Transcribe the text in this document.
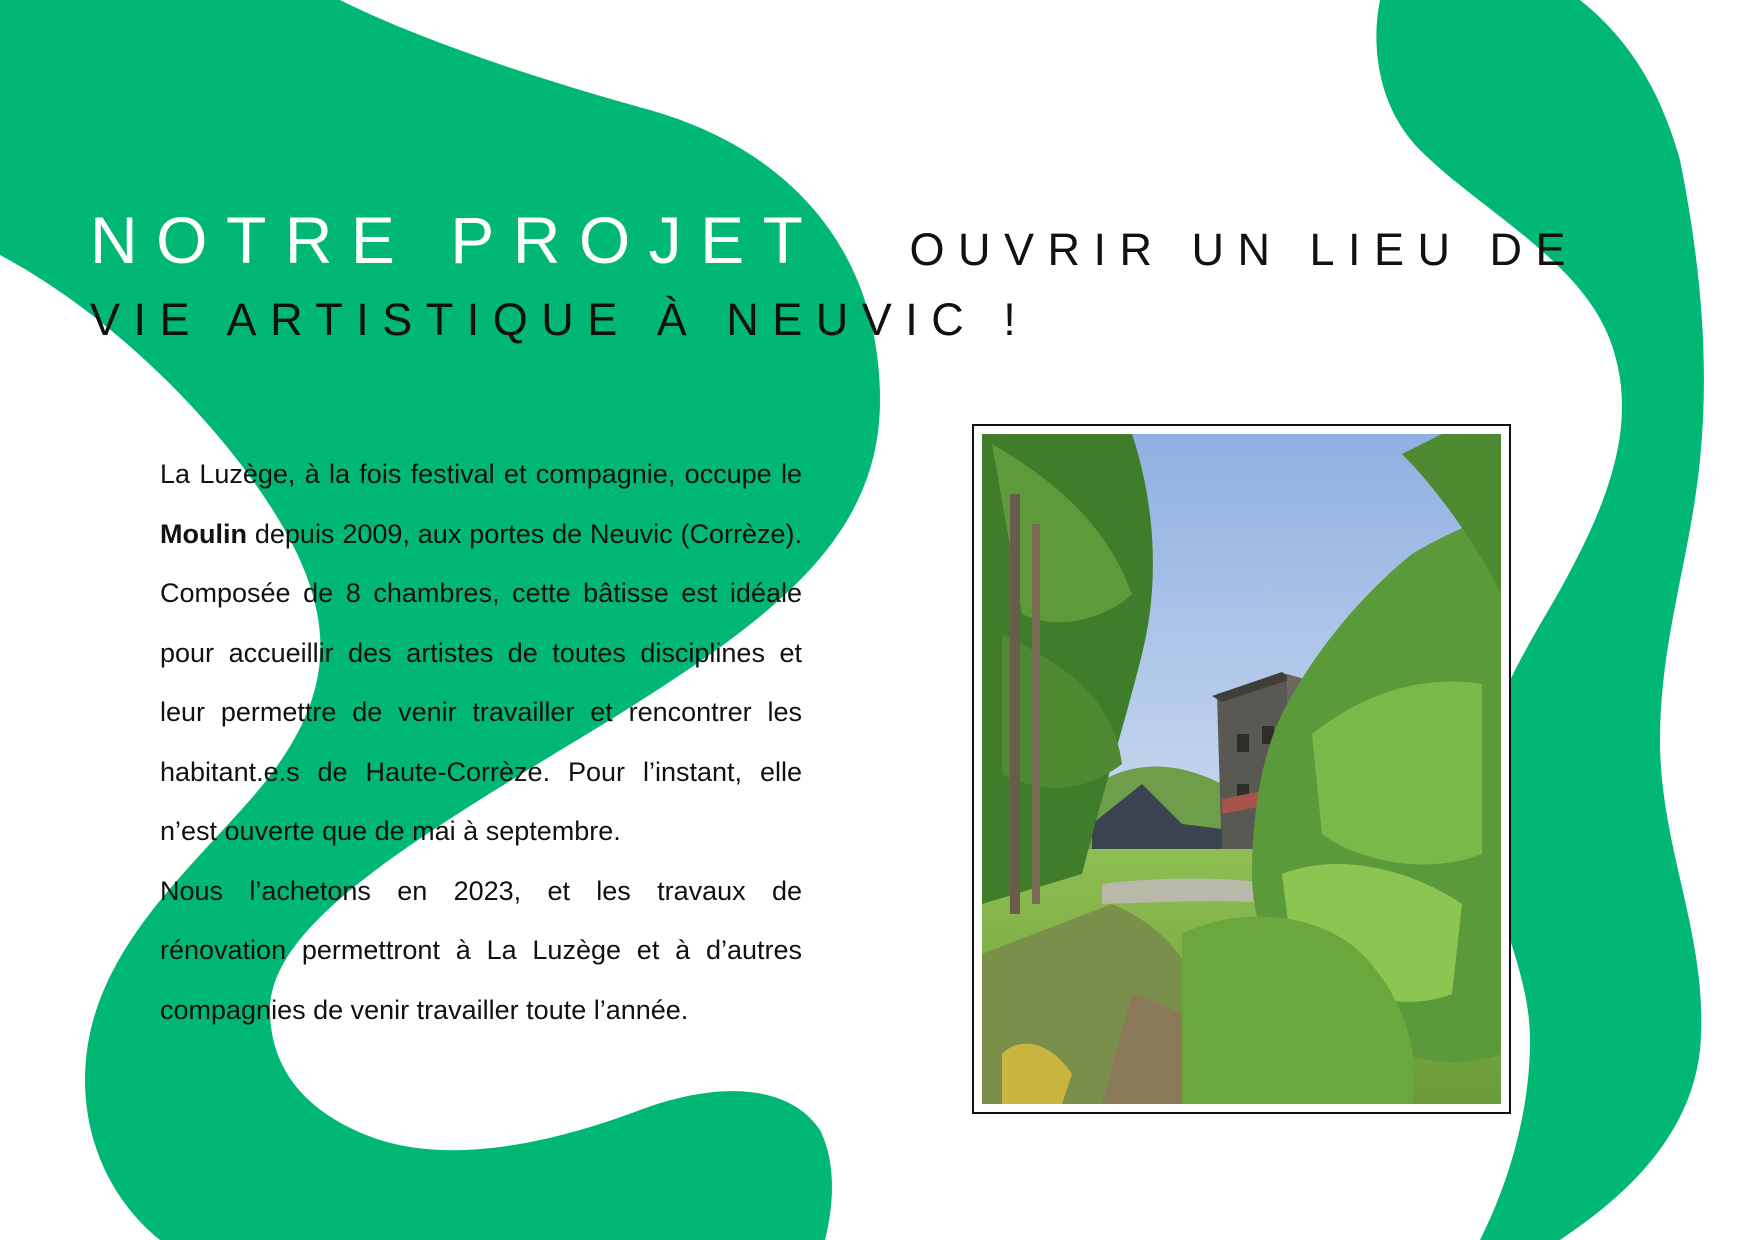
NOTRE PROJET OUVRIR UN LIEU DE
VIE ARTISTIQUE À NEUVIC !

La Luzège, à la fois festival et compagnie, occupe le Moulin depuis 2009, aux portes de Neuvic (Corrèze). Composée de 8 chambres, cette bâtisse est idéale pour accueillir des artistes de toutes disciplines et leur permettre de venir travailler et rencontrer les habitant.e.s de Haute-Corrèze. Pour l’instant, elle n’est ouverte que de mai à septembre.

Nous l’achetons en 2023, et les travaux de rénovation permettront à La Luzège et à d’autres compagnies de venir travailler toute l’année.
